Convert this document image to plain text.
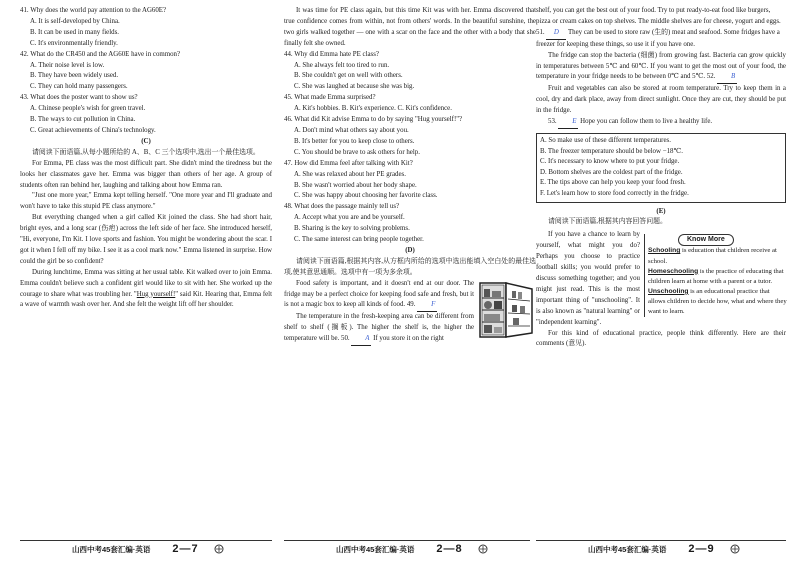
41. Why does the world pay attention to the AG60E?
A. It is self-developed by China.
B. It can be used in many fields.
C. It's environmentally friendly.
42. What do the CR450 and the AG60E have in common?
A. Their noise level is low.
B. They have been widely used.
C. They can hold many passengers.
43. What does the poster want to show us?
A. Chinese people's wish for green travel.
B. The ways to cut pollution in China.
C. Great achievements of China's technology.
(C)
请阅读下面语篇,从每小题所给的 A、B、C 三个选项中,选出一个最佳选项。
For Emma, PE class was the most difficult part. She didn't mind the tiredness but the looks her classmates gave her. Emma was bigger than others of her age. A group of students often ran behind her, laughing and talking about how Emma ran.
"Just one more year," Emma kept telling herself. "One more year and I'll graduate and won't have to take this stupid PE class anymore."
But everything changed when a girl called Kit joined the class. She had short hair, bright eyes, and a long scar (伤疤) across the left side of her face. She introduced herself, "Hi, everyone, I'm Kit. I love sports and fashion. You might be wondering about the scar. I got it when I fell off my bike. I see it as a cool mark now." Emma listened in surprise. How could the girl be so confident?
During lunchtime, Emma was sitting at her usual table. Kit walked over to join Emma. Emma couldn't believe such a confident girl would like to sit with her. She worked up the courage to share what was troubling her. "Hug yourself!" said Kit. Hearing that, Emma felt a wave of warmth wash over her. And she felt the weight lift off her shoulder.
It was time for PE class again, but this time Kit was with her. Emma discovered that true confidence comes from within, not from others' words. In the beautiful sunshine, the two girls walked together — one with a scar on the face and the other with a body that she finally felt she owned.
44. Why did Emma hate PE class?
A. She always felt too tired to run.
B. She couldn't get on well with others.
C. She was laughed at because she was big.
45. What made Emma surprised?
A. Kit's hobbies. B. Kit's experience. C. Kit's confidence.
46. What did Kit advise Emma to do by saying "Hug yourself!"?
A. Don't mind what others say about you.
B. It's better for you to keep close to others.
C. You should be brave to ask others for help.
47. How did Emma feel after talking with Kit?
A. She was relaxed about her PE grades.
B. She wasn't worried about her body shape.
C. She was happy about choosing her favorite class.
48. What does the passage mainly tell us?
A. Accept what you are and be yourself.
B. Sharing is the key to solving problems.
C. The same interest can bring people together.
(D)
请阅读下面语篇,根据其内容,从方框内所给的选项中选出能填入空白处的最佳选项,使其意思通顺。选项中有一项为多余项。
Food safety is important, and it doesn't end at our door. The fridge may be a perfect choice for keeping food safe and fresh, but it is not a magic box to keep all kinds of food. 49. F
The temperature in the fresh-keeping area can be different from shelf to shelf (搁板). The higher the shelf is, the higher the temperature will be. 50. A If you store it on the right
shelf, you can get the best out of your food. Try to put ready-to-eat food like burgers, pizza or cream cakes on top shelves. The middle shelves are for cheese, yogurt and eggs. 51. D They can be used to store raw (生的) meat and seafood. Some fridges have a freezer for keeping these things, so use it if you have one.
The fridge can stop the bacteria (细菌) from growing fast. Bacteria can grow quickly in temperatures between 5℃ and 60℃. If you want to get the most out of your food, the temperature in your fridge needs to be between 0℃ and 5℃. 52. B
Fruit and vegetables can also be stored at room temperature. Try to keep them in a cool, dry and dark place, away from direct sunlight. Once they are cut, they should be put in the fridge.
53. E Hope you can follow them to live a healthy life.
A. So make use of these different temperatures.
B. The freezer temperature should be below −18℃.
C. It's necessary to know where to put your fridge.
D. Bottom shelves are the coldest part of the fridge.
E. The tips above can help you keep your food fresh.
F. Let's learn how to store food correctly in the fridge.
(E)
请阅读下面语篇,根据其内容回答问题。
Know More
Schooling is education that children receive at school.
Homeschooling is the practice of educating that children learn at home with a parent or a tutor.
Unschooling is an educational practice that allows children to decide how, what and where they want to learn.
If you have a chance to learn by yourself, what might you do? Perhaps you choose to practice football skills; you would prefer to discuss something together; and you might just read. This is the most important thing of "unschooling". It is also known as "natural learning" or "independent learning".
For this kind of educational practice, people think differently. Here are their comments (意见).
山西中考45套汇编·英语 2—7	山西中考45套汇编·英语 2—8	山西中考45套汇编·英语 2—9
